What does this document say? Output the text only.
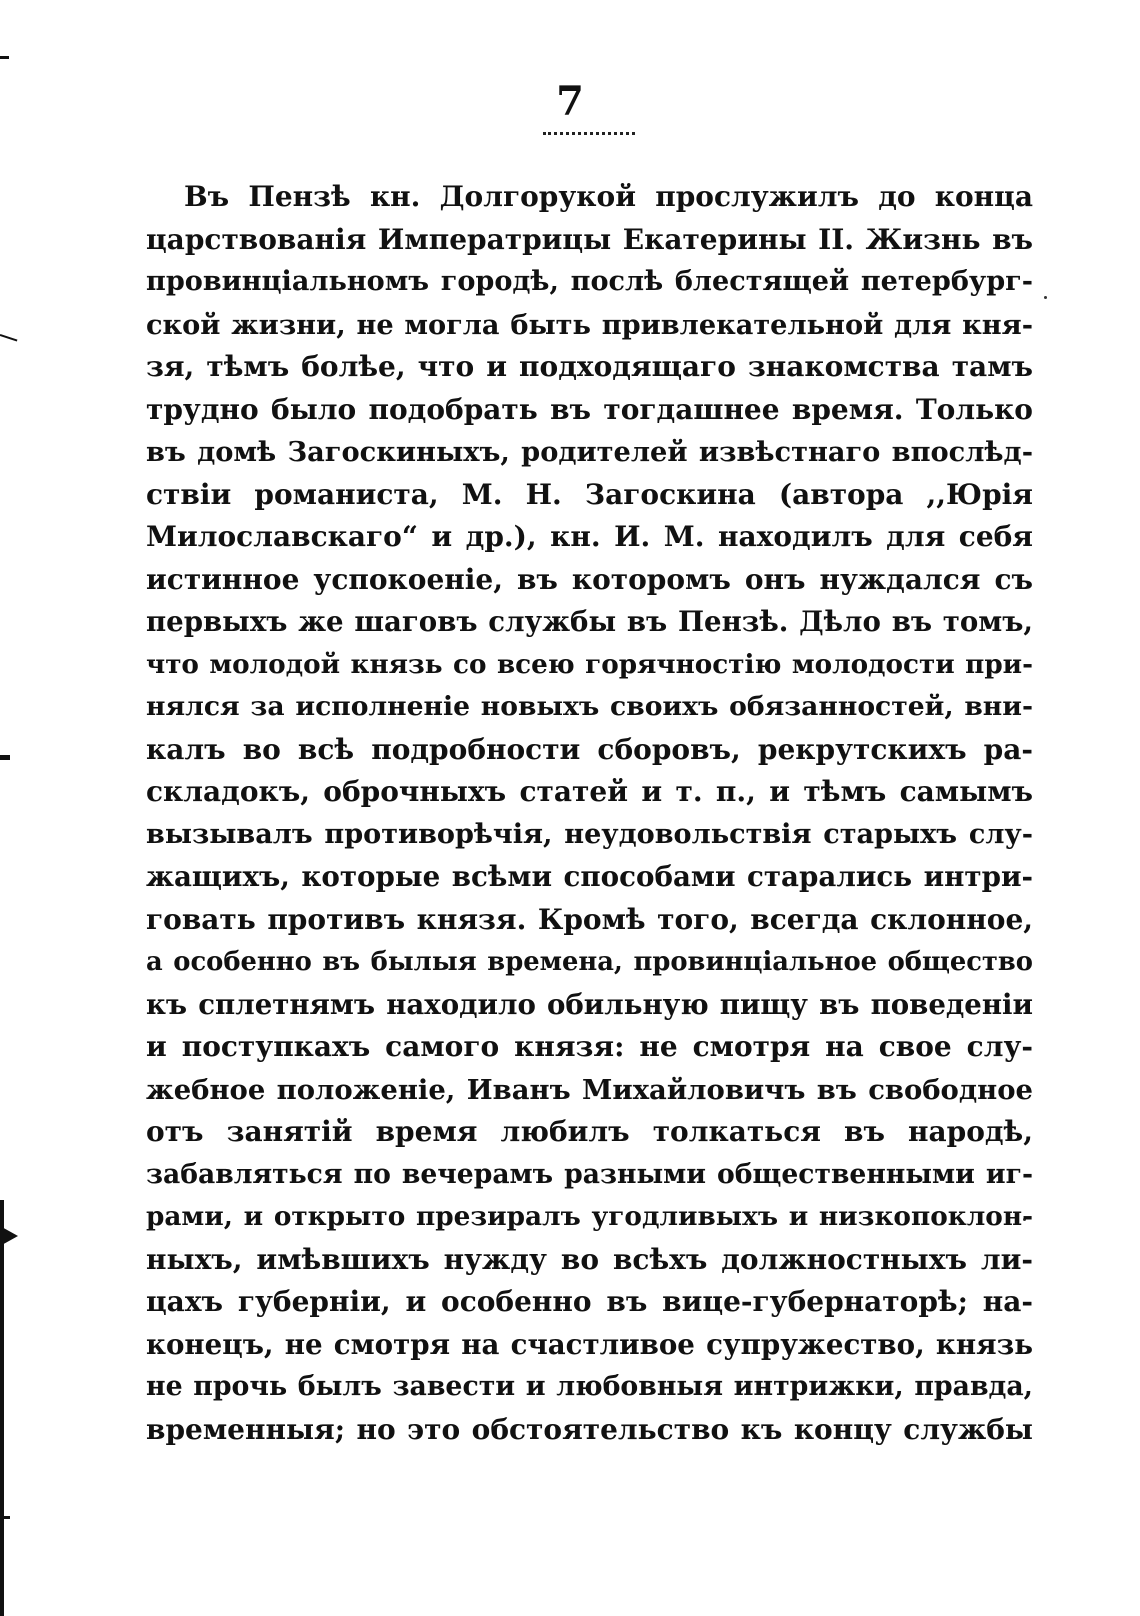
7
Въ Пензѣ кн. Долгорукой прослужилъ до конца
царствованія Императрицы Екатерины II. Жизнь въ
провинціальномъ городѣ, послѣ блестящей петербург-
ской жизни, не могла быть привлекательной для кня-
зя, тѣмъ болѣе, что и подходящаго знакомства тамъ
трудно было подобрать въ тогдашнее время. Только
въ домѣ Загоскиныхъ, родителей извѣстнаго впослѣд-
ствіи романиста, М. Н. Загоскина (автора ,,Юрія
Милославскаго“ и др.), кн. И. М. находилъ для себя
истинное успокоеніе, въ которомъ онъ нуждался съ
первыхъ же шаговъ службы въ Пензѣ. Дѣло въ томъ,
что молодой князь со всею горячностію молодости при-
нялся за исполненіе новыхъ своихъ обязанностей, вни-
калъ во всѣ подробности сборовъ, рекрутскихъ ра-
складокъ, оброчныхъ статей и т. п., и тѣмъ самымъ
вызывалъ противорѣчія, неудовольствія старыхъ слу-
жащихъ, которые всѣми способами старались интри-
говать противъ князя. Кромѣ того, всегда склонное,
а особенно въ былыя времена, провинціальное общество
къ сплетнямъ находило обильную пищу въ поведеніи
и поступкахъ самого князя: не смотря на свое слу-
жебное положеніе, Иванъ Михайловичъ въ свободное
отъ занятій время любилъ толкаться въ народѣ,
забавляться по вечерамъ разными общественными иг-
рами, и открыто презиралъ угодливыхъ и низкопоклон-
ныхъ, имѣвшихъ нужду во всѣхъ должностныхъ ли-
цахъ губерніи, и особенно въ вице-губернаторѣ; на-
конецъ, не смотря на счастливое супружество, князь
не прочь былъ завести и любовныя интрижки, правда,
временныя; но это обстоятельство къ концу службы
